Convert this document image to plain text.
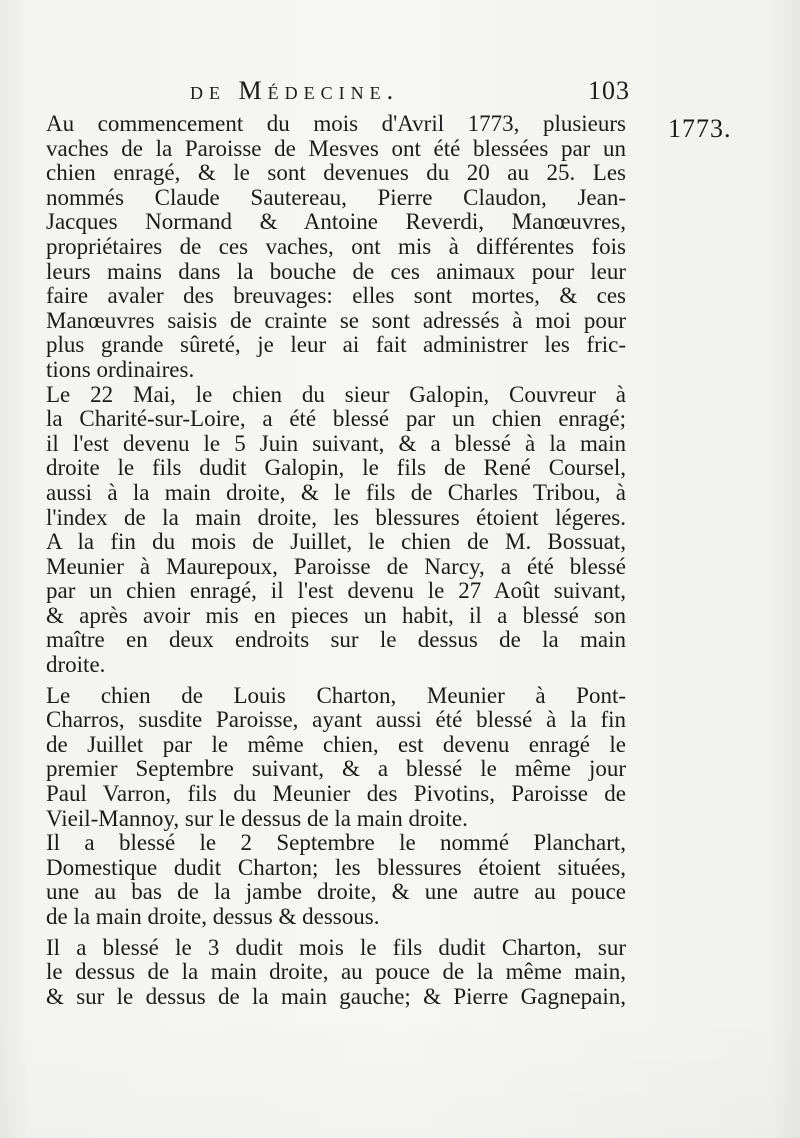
de Médecine.	103
1773.
Au commencement du mois d'Avril 1773, plusieurs
vaches de la Paroisse de Mesves ont été blessées par un
chien enragé, & le sont devenues du 20 au 25. Les
nommés Claude Sautereau, Pierre Claudon, Jean-
Jacques Normand & Antoine Reverdi, Manœuvres,
propriétaires de ces vaches, ont mis à différentes fois
leurs mains dans la bouche de ces animaux pour leur
faire avaler des breuvages: elles sont mortes, & ces
Manœuvres saisis de crainte se sont adressés à moi pour
plus grande sûreté, je leur ai fait administrer les fric-
tions ordinaires.
Le 22 Mai, le chien du sieur Galopin, Couvreur à
la Charité-sur-Loire, a été blessé par un chien enragé;
il l'est devenu le 5 Juin suivant, & a blessé à la main
droite le fils dudit Galopin, le fils de René Coursel,
aussi à la main droite, & le fils de Charles Tribou, à
l'index de la main droite, les blessures étoient légeres.
A la fin du mois de Juillet, le chien de M. Bossuat,
Meunier à Maurepoux, Paroisse de Narcy, a été blessé
par un chien enragé, il l'est devenu le 27 Août suivant,
& après avoir mis en pieces un habit, il a blessé son
maître en deux endroits sur le dessus de la main
droite.
Le chien de Louis Charton, Meunier à Pont-
Charros, susdite Paroisse, ayant aussi été blessé à la fin
de Juillet par le même chien, est devenu enragé le
premier Septembre suivant, & a blessé le même jour
Paul Varron, fils du Meunier des Pivotins, Paroisse de
Vieil-Mannoy, sur le dessus de la main droite.
Il a blessé le 2 Septembre le nommé Planchart,
Domestique dudit Charton; les blessures étoient situées,
une au bas de la jambe droite, & une autre au pouce
de la main droite, dessus & dessous.
Il a blessé le 3 dudit mois le fils dudit Charton, sur
le dessus de la main droite, au pouce de la même main,
& sur le dessus de la main gauche; & Pierre Gagnepain,
